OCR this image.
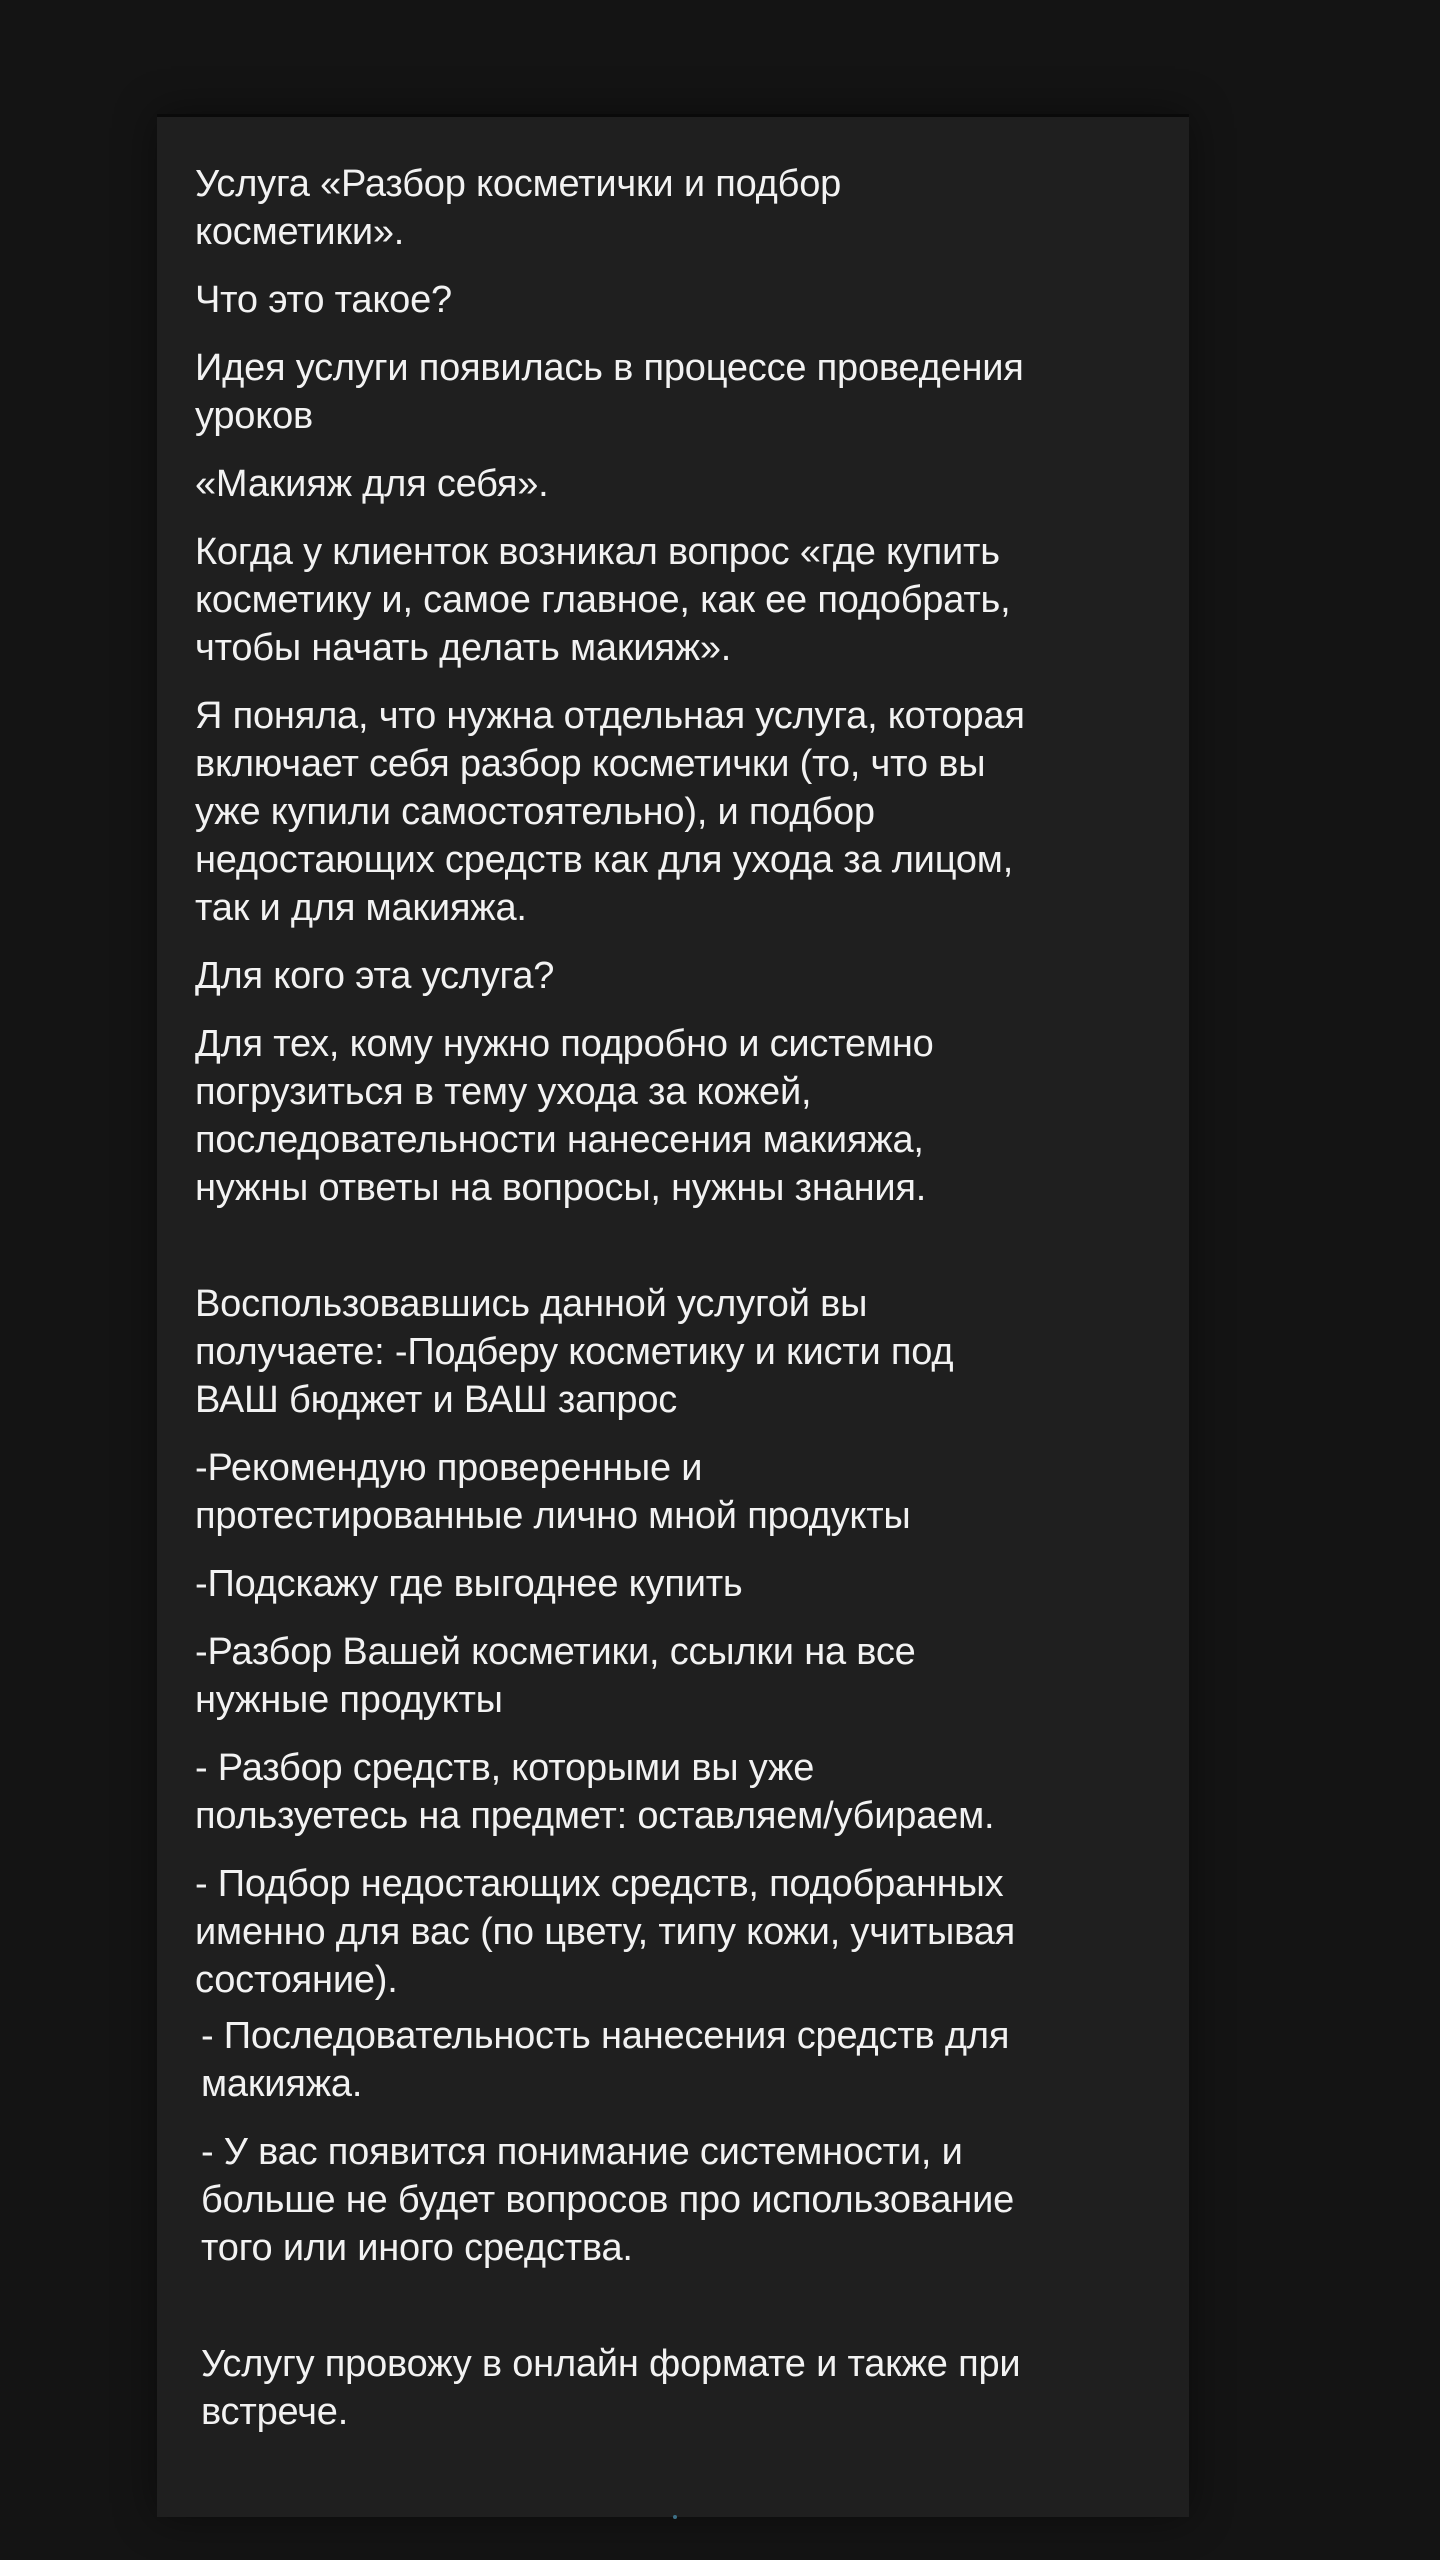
Услуга «Разбор косметички и подбор
косметики».

Что это такое?

Идея услуги появилась в процессе проведения
уроков

«Макияж для себя».

Когда у клиенток возникал вопрос «где купить
косметику и, самое главное, как ее подобрать,
чтобы начать делать макияж».

Я поняла, что нужна отдельная услуга, которая
включает себя разбор косметички (то, что вы
уже купили самостоятельно), и подбор
недостающих средств как для ухода за лицом,
так и для макияжа.

Для кого эта услуга?

Для тех, кому нужно подробно и системно
погрузиться в тему ухода за кожей,
последовательности нанесения макияжа,
нужны ответы на вопросы, нужны знания.

Воспользовавшись данной услугой вы
получаете: -Подберу косметику и кисти под
ВАШ бюджет и ВАШ запрос

-Рекомендую проверенные и
протестированные лично мной продукты

-Подскажу где выгоднее купить

-Разбор Вашей косметики, ссылки на все
нужные продукты

- Разбор средств, которыми вы уже
пользуетесь на предмет: оставляем/убираем.

- Подбор недостающих средств, подобранных
именно для вас (по цвету, типу кожи, учитывая
состояние).

- Последовательность нанесения средств для
макияжа.

- У вас появится понимание системности, и
больше не будет вопросов про использование
того или иного средства.

Услугу провожу в онлайн формате и также при
встрече.
